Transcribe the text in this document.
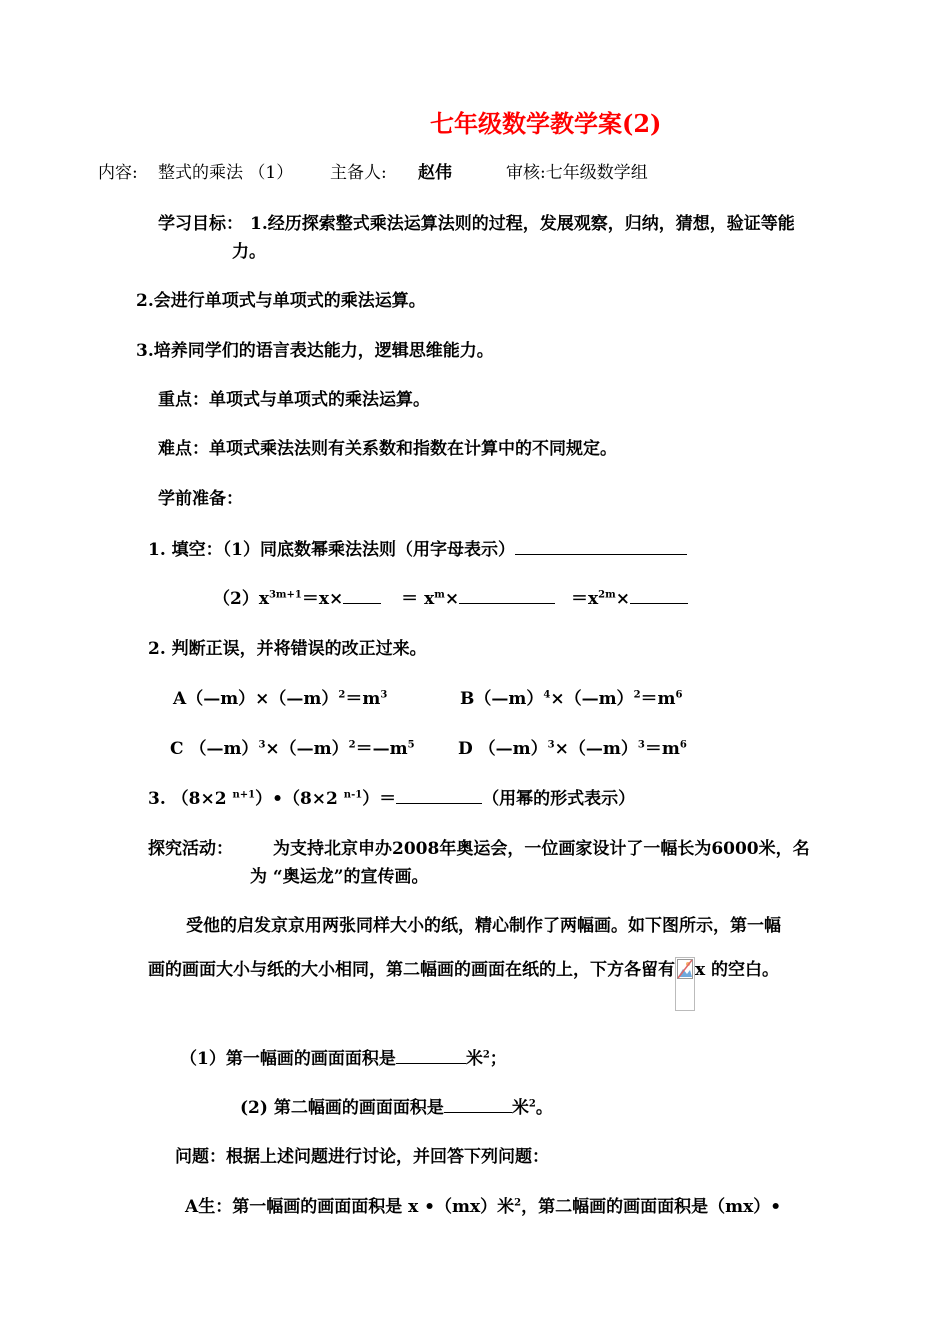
七年级数学教学案(2)
内容: 整式的乘法 （1） 主备人: 赵伟	审核:七年级数学组
学习目标： 1.经历探索整式乘法运算法则的过程，发展观察，归纳，猜想，验证等能
力。
2.会进行单项式与单项式的乘法运算。
3.培养同学们的语言表达能力，逻辑思维能力。
重点：单项式与单项式的乘法运算。
难点：单项式乘法法则有关系数和指数在计算中的不同规定。
学前准备：
1. 填空：（1）同底数幂乘法法则（用字母表示）
$(2)x^{3m+1}=x\times$	＝ $x^m\times$	$=x^{2m}\times$
2. 判断正误，并将错误的改正过来。
$A(—m)\times(—m)^2=m^3$	$B(—m)^4\times(—m)^2=m^6$
C $(—m)^3\times(—m)^2=—m^5$	D $(—m)^3\times(—m)^3=m^6$
3. （8×2 $^{n+1}$）•（8×2 $^{n-1}$）＝	（用幂的形式表示）
探究活动： 为支持北京申办2008年奥运会，一位画家设计了一幅长为6000米，名
为 “奥运龙”的宣传画。
受他的启发京京用两张同样大小的纸，精心制作了两幅画。如下图所示，第一幅
画的画面大小与纸的大小相同，第二幅画的画面在纸的上，下方各留有 x 的空白。
（1）第一幅画的画面面积是	米$^2$；
(2) 第二幅画的画面面积是	米$^2$。
问题：根据上述问题进行讨论，并回答下列问题：
A生：第一幅画的画面面积是 x •（mx）米$^2$，第二幅画的画面面积是（mx）•
